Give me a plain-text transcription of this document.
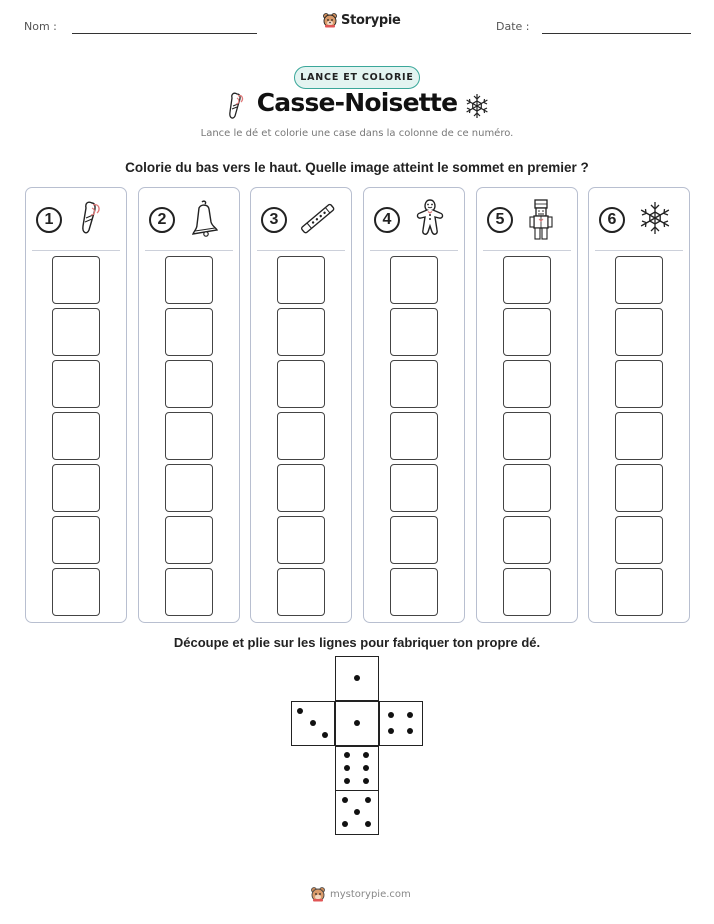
Nom :	Storypie	Date :
LANCE ET COLORIE
Casse-Noisette
Lance le dé et colorie une case dans la colonne de ce numéro.
Colorie du bas vers le haut. Quelle image atteint le sommet en premier ?
1	2	3	4	5	6
Découpe et plie sur les lignes pour fabriquer ton propre dé.
mystorypie.com
